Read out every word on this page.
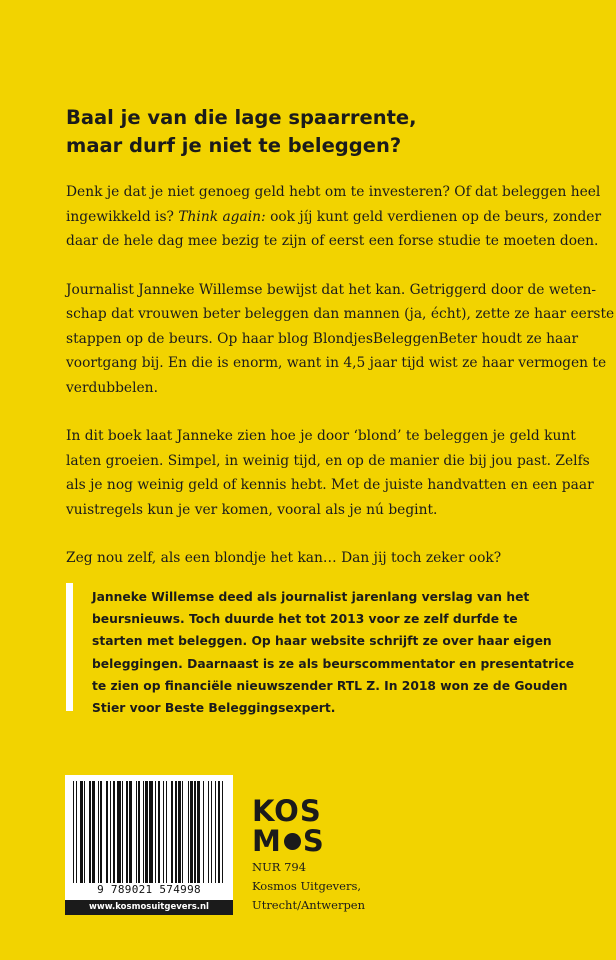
Baal je van die lage spaarrente,
maar durf je niet te beleggen?

Denk je dat je niet genoeg geld hebt om te investeren? Of dat beleggen heel
ingewikkeld is? Think again: ook jíj kunt geld verdienen op de beurs, zonder
daar de hele dag mee bezig te zijn of eerst een forse studie te moeten doen.

Journalist Janneke Willemse bewijst dat het kan. Getriggerd door de weten-
schap dat vrouwen beter beleggen dan mannen (ja, écht), zette ze haar eerste
stappen op de beurs. Op haar blog BlondjesBeleggenBeter houdt ze haar
voortgang bij. En die is enorm, want in 4,5 jaar tijd wist ze haar vermogen te
verdubbelen.

In dit boek laat Janneke zien hoe je door ‘blond’ te beleggen je geld kunt
laten groeien. Simpel, in weinig tijd, en op de manier die bij jou past. Zelfs
als je nog weinig geld of kennis hebt. Met de juiste handvatten en een paar
vuistregels kun je ver komen, vooral als je nú begint.

Zeg nou zelf, als een blondje het kan… Dan jij toch zeker ook?

Janneke Willemse deed als journalist jarenlang verslag van het
beursnieuws. Toch duurde het tot 2013 voor ze zelf durfde te
starten met beleggen. Op haar website schrijft ze over haar eigen
beleggingen. Daarnaast is ze als beurscommentator en presentatrice
te zien op financiële nieuwszender RTL Z. In 2018 won ze de Gouden
Stier voor Beste Beleggingsexpert.
9 789021 574998
www.kosmosuitgevers.nl
KOS
M S
NUR 794
Kosmos Uitgevers,
Utrecht/Antwerpen
